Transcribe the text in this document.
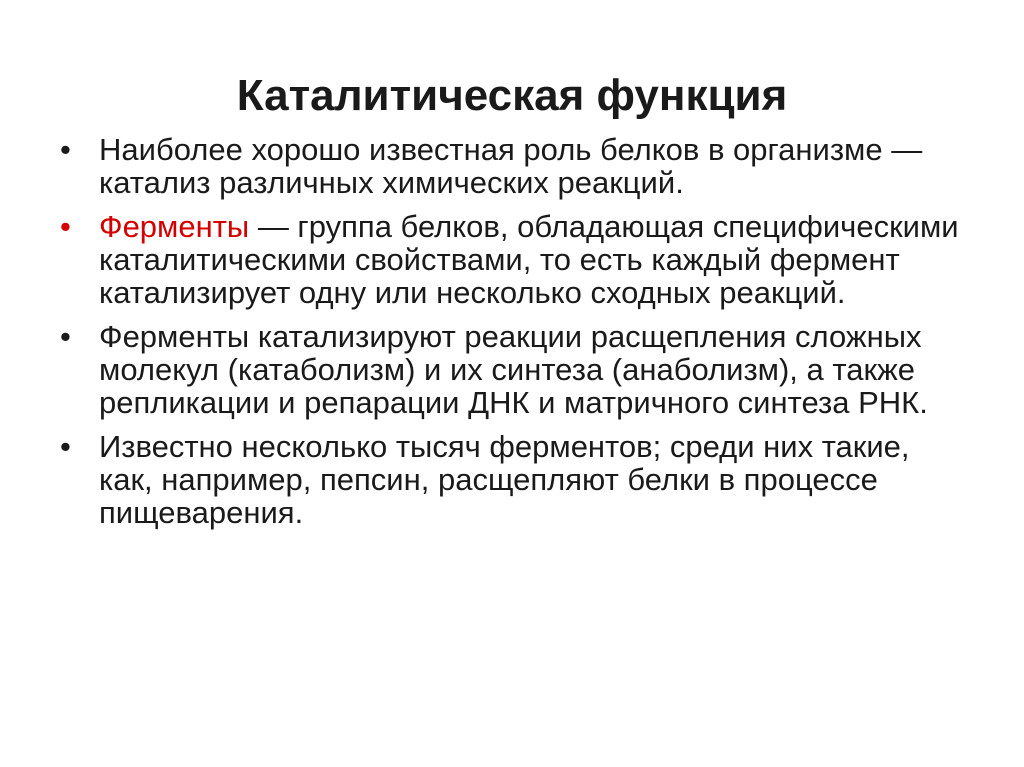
Каталитическая функция
• Наиболее хорошо известная роль белков в организме — катализ различных химических реакций.
• Ферменты — группа белков, обладающая специфическими каталитическими свойствами, то есть каждый фермент катализирует одну или несколько сходных реакций.
• Ферменты катализируют реакции расщепления сложных молекул (катаболизм) и их синтеза (анаболизм), а также репликации и репарации ДНК и матричного синтеза РНК.
• Известно несколько тысяч ферментов; среди них такие, как, например, пепсин, расщепляют белки в процессе пищеварения.
